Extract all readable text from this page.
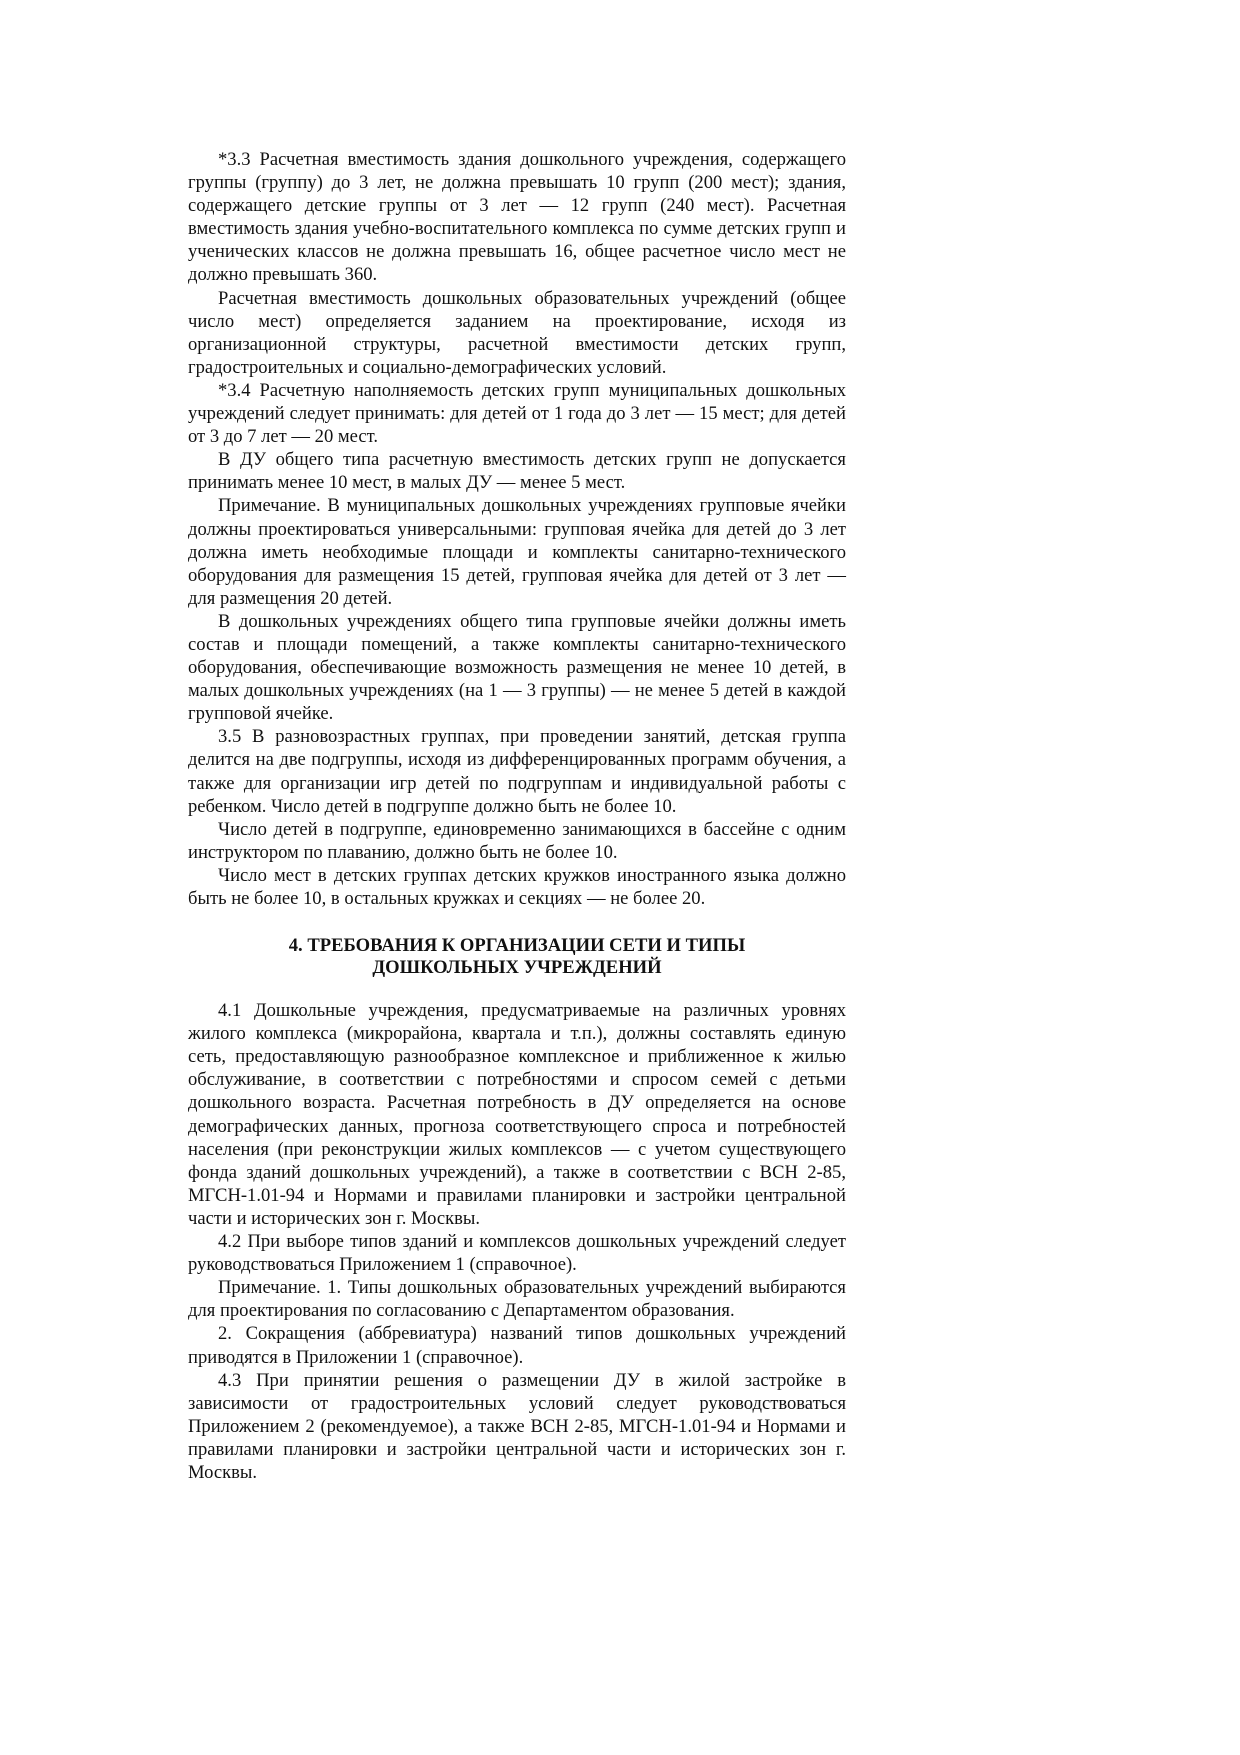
*3.3 Расчетная вместимость здания дошкольного учреждения, содержащего группы (группу) до 3 лет, не должна превышать 10 групп (200 мест); здания, содержащего детские группы от 3 лет — 12 групп (240 мест). Расчетная вместимость здания учебно-воспитательного комплекса по сумме детских групп и ученических классов не должна превышать 16, общее расчетное число мест не должно превышать 360.

Расчетная вместимость дошкольных образовательных учреждений (общее число мест) определяется заданием на проектирование, исходя из организационной структуры, расчетной вместимости детских групп, градостроительных и социально-демографических условий.

*3.4 Расчетную наполняемость детских групп муниципальных дошкольных учреждений следует принимать: для детей от 1 года до 3 лет — 15 мест; для детей от 3 до 7 лет — 20 мест.

В ДУ общего типа расчетную вместимость детских групп не допускается принимать менее 10 мест, в малых ДУ — менее 5 мест.

Примечание. В муниципальных дошкольных учреждениях групповые ячейки должны проектироваться универсальными: групповая ячейка для детей до 3 лет должна иметь необходимые площади и комплекты санитарно-технического оборудования для размещения 15 детей, групповая ячейка для детей от 3 лет — для размещения 20 детей.

В дошкольных учреждениях общего типа групповые ячейки должны иметь состав и площади помещений, а также комплекты санитарно-технического оборудования, обеспечивающие возможность размещения не менее 10 детей, в малых дошкольных учреждениях (на 1 — 3 группы) — не менее 5 детей в каждой групповой ячейке.

3.5 В разновозрастных группах, при проведении занятий, детская группа делится на две подгруппы, исходя из дифференцированных программ обучения, а также для организации игр детей по подгруппам и индивидуальной работы с ребенком. Число детей в подгруппе должно быть не более 10.

Число детей в подгруппе, единовременно занимающихся в бассейне с одним инструктором по плаванию, должно быть не более 10.

Число мест в детских группах детских кружков иностранного языка должно быть не более 10, в остальных кружках и секциях — не более 20.

4. ТРЕБОВАНИЯ К ОРГАНИЗАЦИИ СЕТИ И ТИПЫ
ДОШКОЛЬНЫХ УЧРЕЖДЕНИЙ

4.1 Дошкольные учреждения, предусматриваемые на различных уровнях жилого комплекса (микрорайона, квартала и т.п.), должны составлять единую сеть, предоставляющую разнообразное комплексное и приближенное к жилью обслуживание, в соответствии с потребностями и спросом семей с детьми дошкольного возраста. Расчетная потребность в ДУ определяется на основе демографических данных, прогноза соответствующего спроса и потребностей населения (при реконструкции жилых комплексов — с учетом существующего фонда зданий дошкольных учреждений), а также в соответствии с ВСН 2-85, МГСН-1.01-94 и Нормами и правилами планировки и застройки центральной части и исторических зон г. Москвы.

4.2 При выборе типов зданий и комплексов дошкольных учреждений следует руководствоваться Приложением 1 (справочное).

Примечание. 1. Типы дошкольных образовательных учреждений выбираются для проектирования по согласованию с Департаментом образования.

2. Сокращения (аббревиатура) названий типов дошкольных учреждений приводятся в Приложении 1 (справочное).

4.3 При принятии решения о размещении ДУ в жилой застройке в зависимости от градостроительных условий следует руководствоваться Приложением 2 (рекомендуемое), а также ВСН 2-85, МГСН-1.01-94 и Нормами и правилами планировки и застройки центральной части и исторических зон г. Москвы.
